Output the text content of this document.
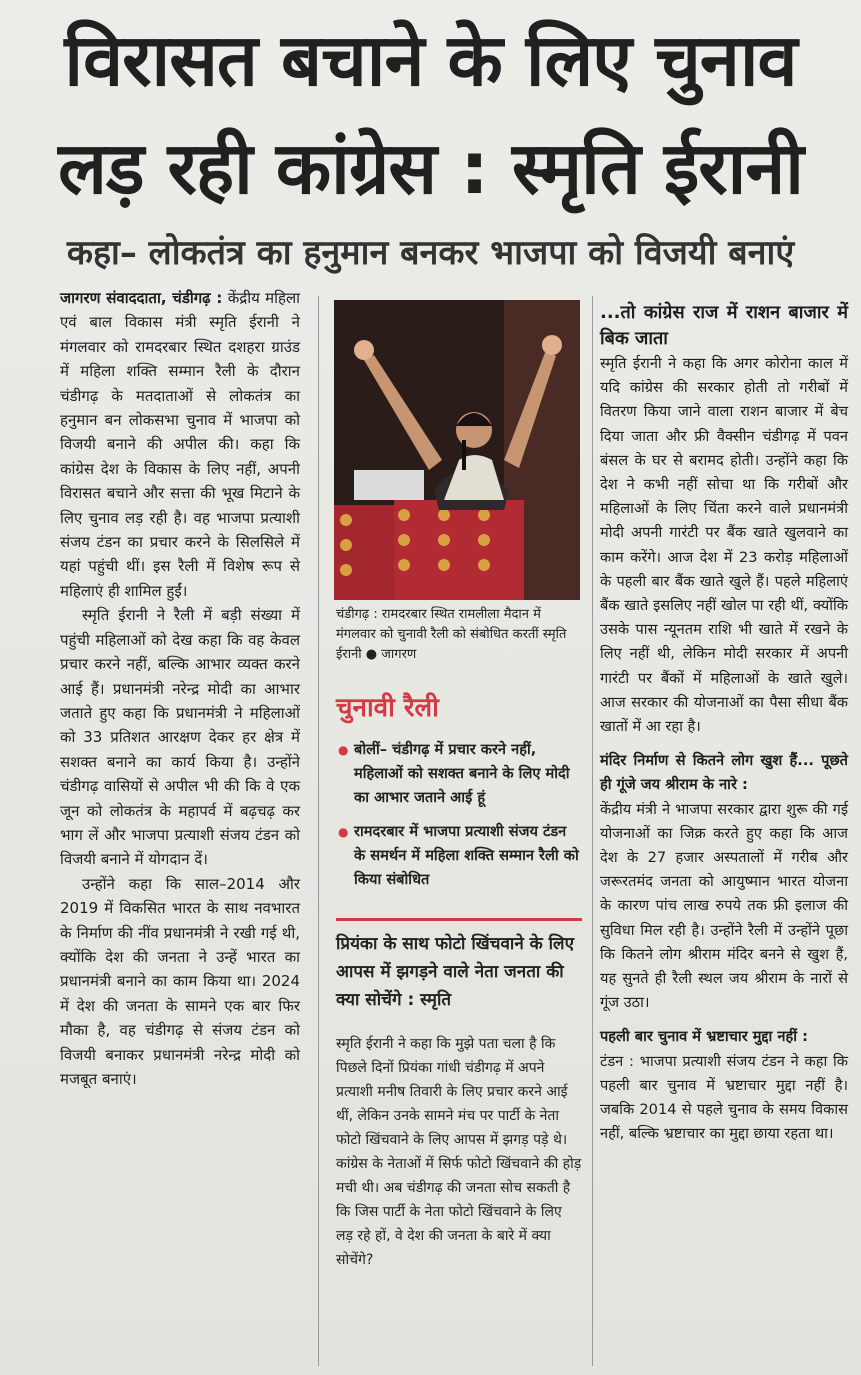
विरासत बचाने के लिए चुनाव
लड़ रही कांग्रेस : स्मृति ईरानी
कहा– लोकतंत्र का हनुमान बनकर भाजपा को विजयी बनाएं

जागरण संवाददाता, चंडीगढ़ : केंद्रीय महिला एवं बाल विकास मंत्री स्मृति ईरानी ने मंगलवार को रामदरबार स्थित दशहरा ग्राउंड में महिला शक्ति सम्मान रैली के दौरान चंडीगढ़ के मतदाताओं से लोकतंत्र का हनुमान बन लोकसभा चुनाव में भाजपा को विजयी बनाने की अपील की। कहा कि कांग्रेस देश के विकास के लिए नहीं, अपनी विरासत बचाने और सत्ता की भूख मिटाने के लिए चुनाव लड़ रही है। वह भाजपा प्रत्याशी संजय टंडन का प्रचार करने के सिलसिले में यहां पहुंची थीं। इस रैली में विशेष रूप से महिलाएं ही शामिल हुईं।

स्मृति ईरानी ने रैली में बड़ी संख्या में पहुंची महिलाओं को देख कहा कि वह केवल प्रचार करने नहीं, बल्कि आभार व्यक्त करने आई हैं। प्रधानमंत्री नरेन्द्र मोदी का आभार जताते हुए कहा कि प्रधानमंत्री ने महिलाओं को 33 प्रतिशत आरक्षण देकर हर क्षेत्र में सशक्त बनाने का कार्य किया है। उन्होंने चंडीगढ़ वासियों से अपील भी की कि वे एक जून को लोकतंत्र के महापर्व में बढ़चढ़ कर भाग लें और भाजपा प्रत्याशी संजय टंडन को विजयी बनाने में योगदान दें।

उन्होंने कहा कि साल–2014 और 2019 में विकसित भारत के साथ नवभारत के निर्माण की नींव प्रधानमंत्री ने रखी गई थी, क्योंकि देश की जनता ने उन्हें भारत का प्रधानमंत्री बनाने का काम किया था। 2024 में देश की जनता के सामने एक बार फिर मौका है, वह चंडीगढ़ से संजय टंडन को विजयी बनाकर प्रधानमंत्री नरेन्द्र मोदी को मजबूत बनाएं।

चंडीगढ़ : रामदरबार स्थित रामलीला मैदान में मंगलवार को चुनावी रैली को संबोधित करतीं स्मृति ईरानी ● जागरण
चुनावी रैली
● बोलीं– चंडीगढ़ में प्रचार करने नहीं, महिलाओं को सशक्त बनाने के लिए मोदी का आभार जताने आई हूं
● रामदरबार में भाजपा प्रत्याशी संजय टंडन के समर्थन में महिला शक्ति सम्मान रैली को किया संबोधित
प्रियंका के साथ फोटो खिंचवाने के लिए आपस में झगड़ने वाले नेता जनता की क्या सोचेंगे : स्मृति
स्मृति ईरानी ने कहा कि मुझे पता चला है कि पिछले दिनों प्रियंका गांधी चंडीगढ़ में अपने प्रत्याशी मनीष तिवारी के लिए प्रचार करने आई थीं, लेकिन उनके सामने मंच पर पार्टी के नेता फोटो खिंचवाने के लिए आपस में झगड़ पड़े थे। कांग्रेस के नेताओं में सिर्फ फोटो खिंचवाने की होड़ मची थी। अब चंडीगढ़ की जनता सोच सकती है कि जिस पार्टी के नेता फोटो खिंचवाने के लिए लड़ रहे हों, वे देश की जनता के बारे में क्या सोचेंगे?

...तो कांग्रेस राज में राशन बाजार में बिक जाता

स्मृति ईरानी ने कहा कि अगर कोरोना काल में यदि कांग्रेस की सरकार होती तो गरीबों में वितरण किया जाने वाला राशन बाजार में बेच दिया जाता और फ्री वैक्सीन चंडीगढ़ में पवन बंसल के घर से बरामद होती। उन्होंने कहा कि देश ने कभी नहीं सोचा था कि गरीबों और महिलाओं के लिए चिंता करने वाले प्रधानमंत्री मोदी अपनी गारंटी पर बैंक खाते खुलवाने का काम करेंगे। आज देश में 23 करोड़ महिलाओं के पहली बार बैंक खाते खुले हैं। पहले महिलाएं बैंक खाते इसलिए नहीं खोल पा रही थीं, क्योंकि उसके पास न्यूनतम राशि भी खाते में रखने के लिए नहीं थी, लेकिन मोदी सरकार में अपनी गारंटी पर बैंकों में महिलाओं के खाते खुले। आज सरकार की योजनाओं का पैसा सीधा बैंक खातों में आ रहा है।

मंदिर निर्माण से कितने लोग खुश हैं... पूछते ही गूंजे जय श्रीराम के नारे :

केंद्रीय मंत्री ने भाजपा सरकार द्वारा शुरू की गई योजनाओं का जिक्र करते हुए कहा कि आज देश के 27 हजार अस्पतालों में गरीब और जरूरतमंद जनता को आयुष्मान भारत योजना के कारण पांच लाख रुपये तक फ्री इलाज की सुविधा मिल रही है। उन्होंने रैली में उन्होंने पूछा कि कितने लोग श्रीराम मंदिर बनने से खुश हैं, यह सुनते ही रैली स्थल जय श्रीराम के नारों से गूंज उठा।

पहली बार चुनाव में भ्रष्टाचार मुद्दा नहीं :

टंडन : भाजपा प्रत्याशी संजय टंडन ने कहा कि पहली बार चुनाव में भ्रष्टाचार मुद्दा नहीं है। जबकि 2014 से पहले चुनाव के समय विकास नहीं, बल्कि भ्रष्टाचार का मुद्दा छाया रहता था।
